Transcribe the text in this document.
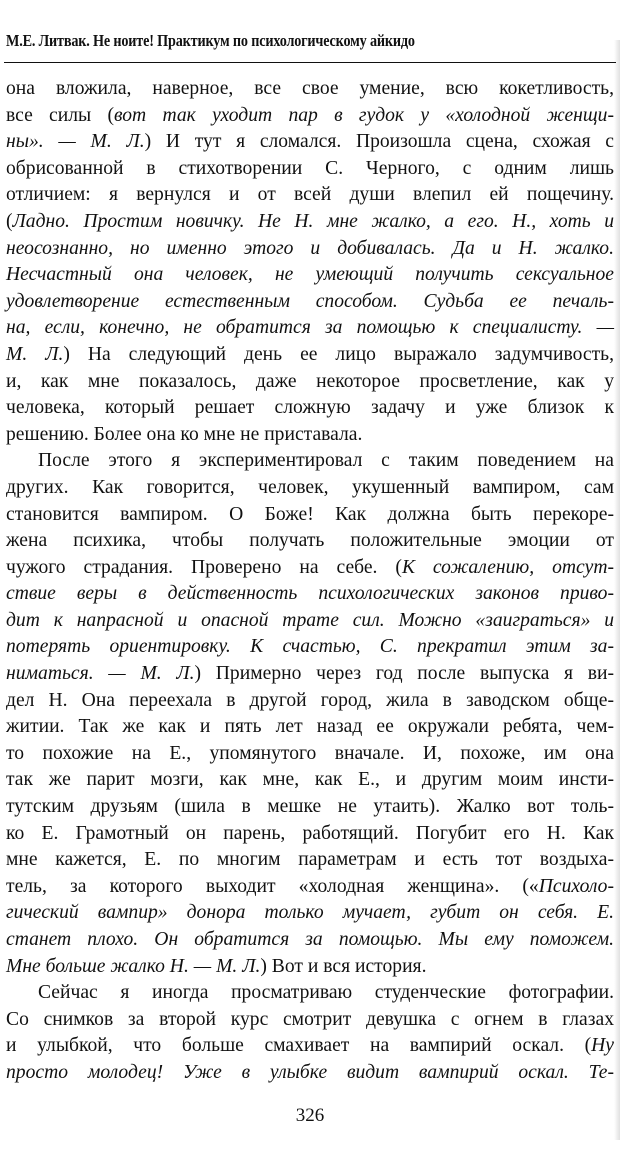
М.Е. Литвак. Не ноите! Практикум по психологическому айкидо
она вложила, наверное, все свое умение, всю кокетливость,
все силы (вот так уходит пар в гудок у «холодной женщи-
ны». — М. Л.) И тут я сломался. Произошла сцена, схожая с
обрисованной в стихотворении С. Черного, с одним лишь
отличием: я вернулся и от всей души влепил ей пощечину.
(Ладно. Простим новичку. Не Н. мне жалко, а его. Н., хоть и
неосознанно, но именно этого и добивалась. Да и Н. жалко.
Несчастный она человек, не умеющий получить сексуальное
удовлетворение естественным способом. Судьба ее печаль-
на, если, конечно, не обратится за помощью к специалисту. —
М. Л.) На следующий день ее лицо выражало задумчивость,
и, как мне показалось, даже некоторое просветление, как у
человека, который решает сложную задачу и уже близок к
решению. Более она ко мне не приставала.
После этого я экспериментировал с таким поведением на
других. Как говорится, человек, укушенный вампиром, сам
становится вампиром. О Боже! Как должна быть перекоре-
жена психика, чтобы получать положительные эмоции от
чужого страдания. Проверено на себе. (К сожалению, отсут-
ствие веры в действенность психологических законов приво-
дит к напрасной и опасной трате сил. Можно «заиграться» и
потерять ориентировку. К счастью, С. прекратил этим за-
ниматься. — М. Л.) Примерно через год после выпуска я ви-
дел Н. Она переехала в другой город, жила в заводском обще-
житии. Так же как и пять лет назад ее окружали ребята, чем-
то похожие на Е., упомянутого вначале. И, похоже, им она
так же парит мозги, как мне, как Е., и другим моим инсти-
тутским друзьям (шила в мешке не утаить). Жалко вот толь-
ко Е. Грамотный он парень, работящий. Погубит его Н. Как
мне кажется, Е. по многим параметрам и есть тот воздыха-
тель, за которого выходит «холодная женщина». («Психоло-
гический вампир» донора только мучает, губит он себя. Е.
станет плохо. Он обратится за помощью. Мы ему поможем.
Мне больше жалко Н. — М. Л.) Вот и вся история.
Сейчас я иногда просматриваю студенческие фотографии.
Со снимков за второй курс смотрит девушка с огнем в глазах
и улыбкой, что больше смахивает на вампирий оскал. (Ну
просто молодец! Уже в улыбке видит вампирий оскал. Те-
326
